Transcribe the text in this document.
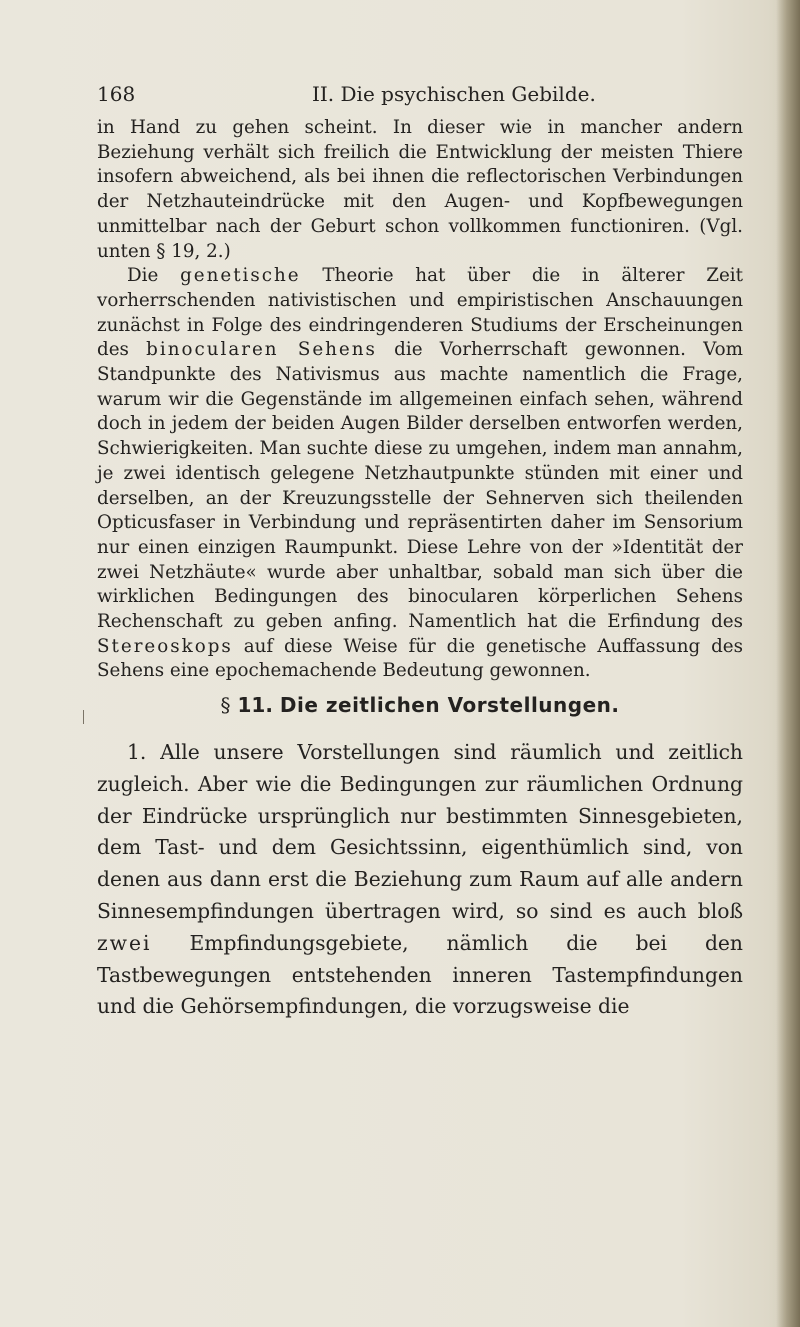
168	II. Die psychischen Gebilde.

in Hand zu gehen scheint. In dieser wie in mancher andern Beziehung verhält sich freilich die Entwicklung der meisten Thiere insofern abweichend, als bei ihnen die reflectorischen Verbindungen der Netzhauteindrücke mit den Augen- und Kopfbewegungen unmittelbar nach der Geburt schon vollkommen functioniren. (Vgl. unten § 19, 2.)

Die genetische Theorie hat über die in älterer Zeit vorherrschenden nativistischen und empiristischen Anschauungen zunächst in Folge des eindringenderen Studiums der Erscheinungen des binocularen Sehens die Vorherrschaft gewonnen. Vom Standpunkte des Nativismus aus machte namentlich die Frage, warum wir die Gegenstände im allgemeinen einfach sehen, während doch in jedem der beiden Augen Bilder derselben entworfen werden, Schwierigkeiten. Man suchte diese zu umgehen, indem man annahm, je zwei identisch gelegene Netzhautpunkte stünden mit einer und derselben, an der Kreuzungsstelle der Sehnerven sich theilenden Opticusfaser in Verbindung und repräsentirten daher im Sensorium nur einen einzigen Raumpunkt. Diese Lehre von der »Identität der zwei Netzhäute« wurde aber unhaltbar, sobald man sich über die wirklichen Bedingungen des binocularen körperlichen Sehens Rechenschaft zu geben anfing. Namentlich hat die Erfindung des Stereoskops auf diese Weise für die genetische Auffassung des Sehens eine epochemachende Bedeutung gewonnen.

§ 11. Die zeitlichen Vorstellungen.

1. Alle unsere Vorstellungen sind räumlich und zeitlich zugleich. Aber wie die Bedingungen zur räumlichen Ordnung der Eindrücke ursprünglich nur bestimmten Sinnesgebieten, dem Tast- und dem Gesichtssinn, eigenthümlich sind, von denen aus dann erst die Beziehung zum Raum auf alle andern Sinnesempfindungen übertragen wird, so sind es auch bloß zwei Empfindungsgebiete, nämlich die bei den Tastbewegungen entstehenden inneren Tastempfindungen und die Gehörsempfindungen, die vorzugsweise die
